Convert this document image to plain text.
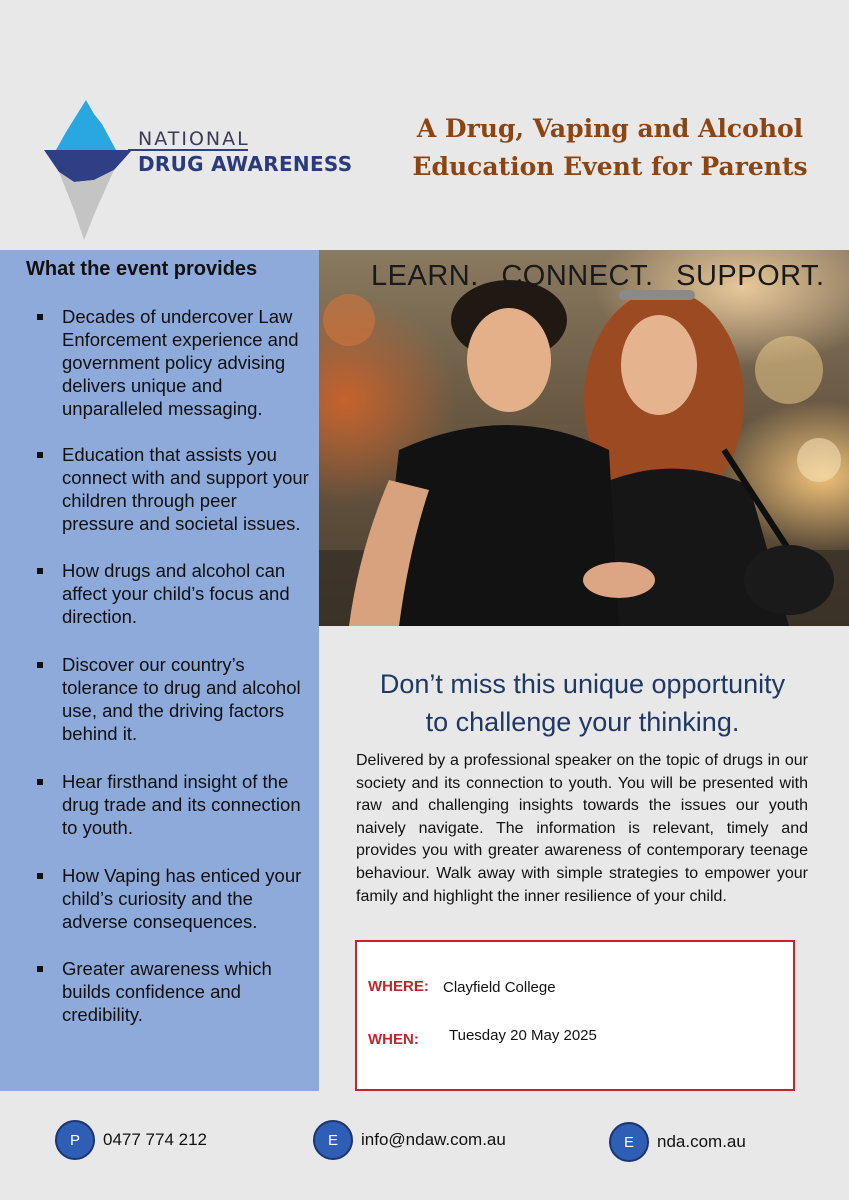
NATIONAL
DRUG AWARENESS
A Drug, Vaping and Alcohol
Education Event for Parents
What the event provides
Decades of undercover Law Enforcement experience and government policy advising delivers unique and unparalleled messaging.
Education that assists you connect with and support your children through peer pressure and societal issues.
How drugs and alcohol can affect your child’s focus and direction.
Discover our country’s tolerance to drug and alcohol use, and the driving factors behind it.
Hear firsthand insight of the drug trade and its connection to youth.
How Vaping has enticed your child’s curiosity and the adverse consequences.
Greater awareness which builds confidence and credibility.
LEARN. CONNECT. SUPPORT.
Don’t miss this unique opportunity
to challenge your thinking.
Delivered by a professional speaker on the topic of drugs in our society and its connection to youth. You will be presented with raw and challenging insights towards the issues our youth naively navigate. The information is relevant, timely and provides you with greater awareness of contemporary teenage behaviour. Walk away with simple strategies to empower your family and highlight the inner resilience of your child.
WHERE: Clayfield College
WHEN: Tuesday 20 May 2025
P	0477 774 212	E	info@ndaw.com.au	E	nda.com.au
